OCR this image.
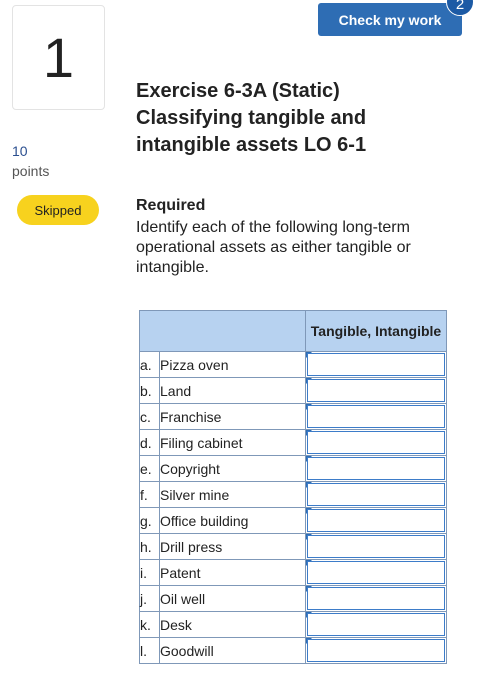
1
10
points
Skipped
Check my work
2
Exercise 6-3A (Static) Classifying tangible and intangible assets LO 6-1
Required
Identify each of the following long-term operational assets as either tangible or intangible.
		Tangible, Intangible
a.	Pizza oven	

b.	Land	

c.	Franchise	

d.	Filing cabinet	

e.	Copyright	

f.	Silver mine	

g.	Office building	

h.	Drill press	

i.	Patent	

j.	Oil well	

k.	Desk	

l.	Goodwill	
